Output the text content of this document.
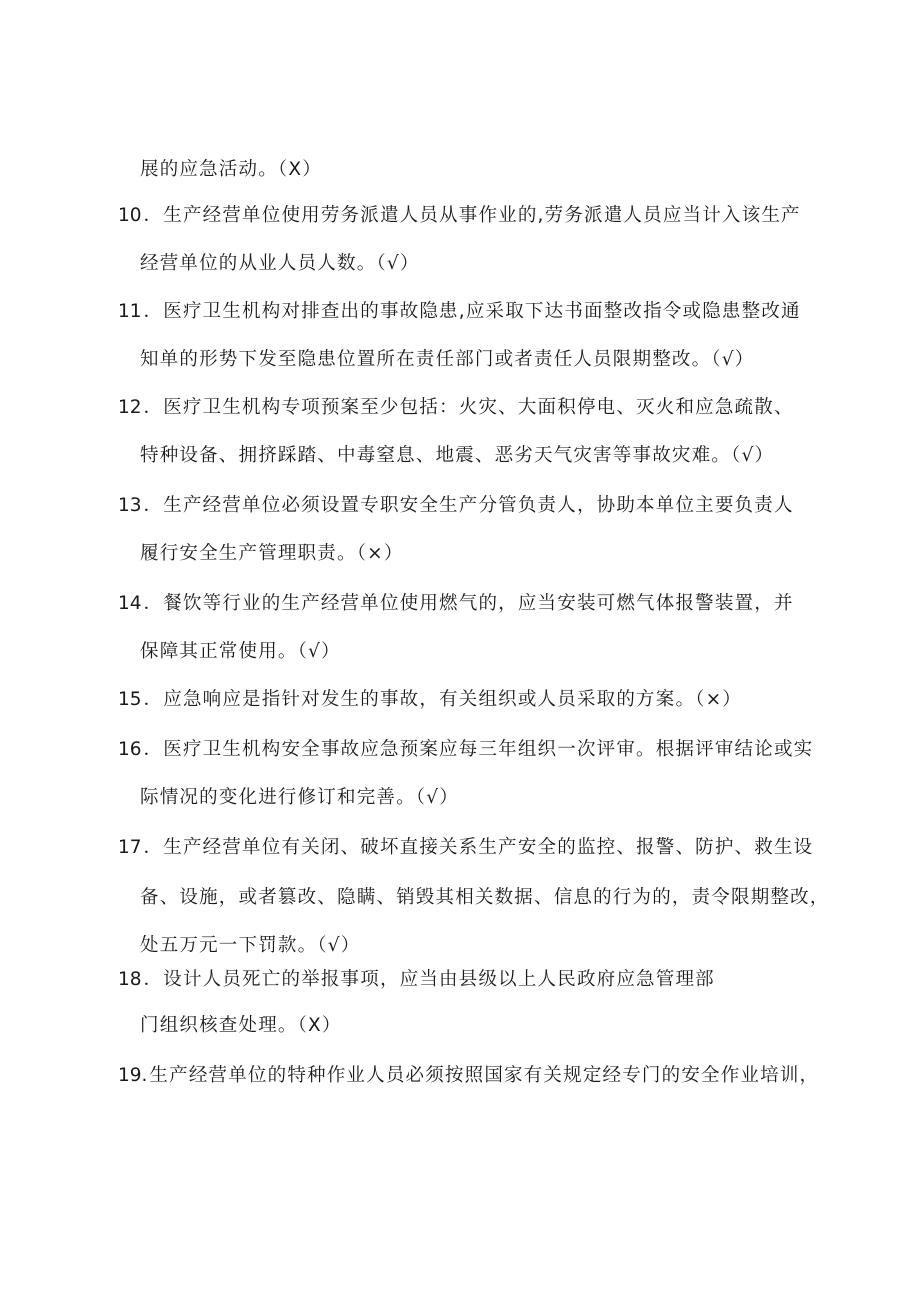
展的应急活动。（X）
10 ．生产经营单位使用劳务派遣人员从事作业的,劳务派遣人员应当计入该生产
经营单位的从业人员人数。（√）
11 ．医疗卫生机构对排查出的事故隐患,应采取下达书面整改指令或隐患整改通
知单的形势下发至隐患位置所在责任部门或者责任人员限期整改。（√）
12 ．医疗卫生机构专项预案至少包括：火灾、大面积停电、灭火和应急疏散、
特种设备、拥挤踩踏、中毒窒息、地震、恶劣天气灾害等事故灾难。（√）
13 ．生产经营单位必须设置专职安全生产分管负责人，协助本单位主要负责人
履行安全生产管理职责。（×）
14 ．餐饮等行业的生产经营单位使用燃气的，应当安装可燃气体报警装置，并
保障其正常使用。（√）
15 ．应急响应是指针对发生的事故，有关组织或人员采取的方案。（×）
16 ．医疗卫生机构安全事故应急预案应每三年组织一次评审。根据评审结论或实
际情况的变化进行修订和完善。（√）
17 ．生产经营单位有关闭、破坏直接关系生产安全的监控、报警、防护、救生设
备、设施，或者篡改、隐瞒、销毁其相关数据、信息的行为的，责令限期整改，
处五万元一下罚款。（√）
18 ．设计人员死亡的举报事项，应当由县级以上人民政府应急管理部
门组织核查处理。（X）
19. 生产经营单位的特种作业人员必须按照国家有关规定经专门的安全作业培训，
